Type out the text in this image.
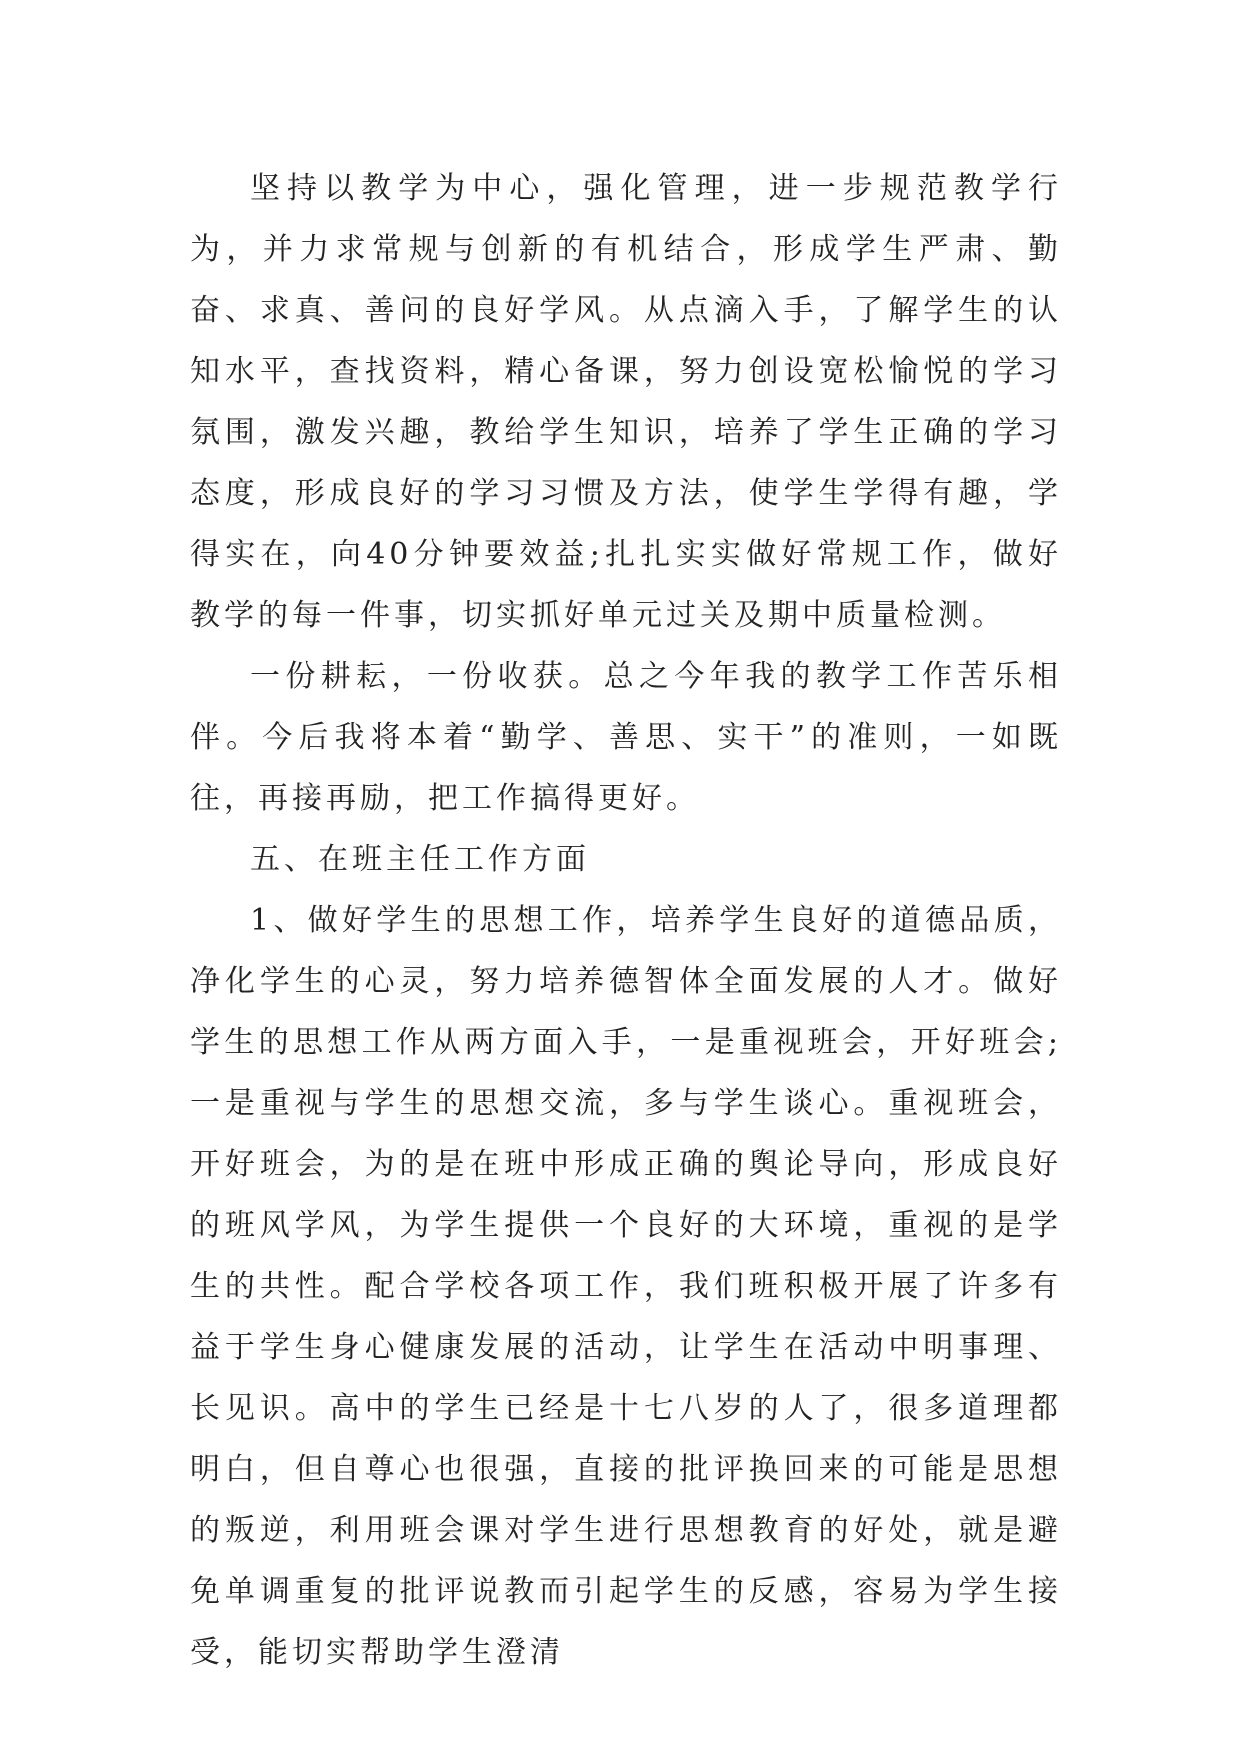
坚持以教学为中心，强化管理，进一步规范教学行为，并力求常规与创新的有机结合，形成学生严肃、勤奋、求真、善问的良好学风。从点滴入手，了解学生的认知水平，查找资料，精心备课，努力创设宽松愉悦的学习氛围，激发兴趣，教给学生知识，培养了学生正确的学习态度，形成良好的学习习惯及方法，使学生学得有趣，学得实在，向40分钟要效益;扎扎实实做好常规工作，做好教学的每一件事，切实抓好单元过关及期中质量检测。

一份耕耘，一份收获。总之今年我的教学工作苦乐相伴。今后我将本着“勤学、善思、实干”的准则，一如既往，再接再励，把工作搞得更好。

五、在班主任工作方面

1、做好学生的思想工作，培养学生良好的道德品质，净化学生的心灵，努力培养德智体全面发展的人才。做好学生的思想工作从两方面入手，一是重视班会，开好班会;一是重视与学生的思想交流，多与学生谈心。重视班会，开好班会，为的是在班中形成正确的舆论导向，形成良好的班风学风，为学生提供一个良好的大环境，重视的是学生的共性。配合学校各项工作，我们班积极开展了许多有益于学生身心健康发展的活动，让学生在活动中明事理、长见识。高中的学生已经是十七八岁的人了，很多道理都明白，但自尊心也很强，直接的批评换回来的可能是思想的叛逆，利用班会课对学生进行思想教育的好处，就是避免单调重复的批评说教而引起学生的反感，容易为学生接受，能切实帮助学生澄清
